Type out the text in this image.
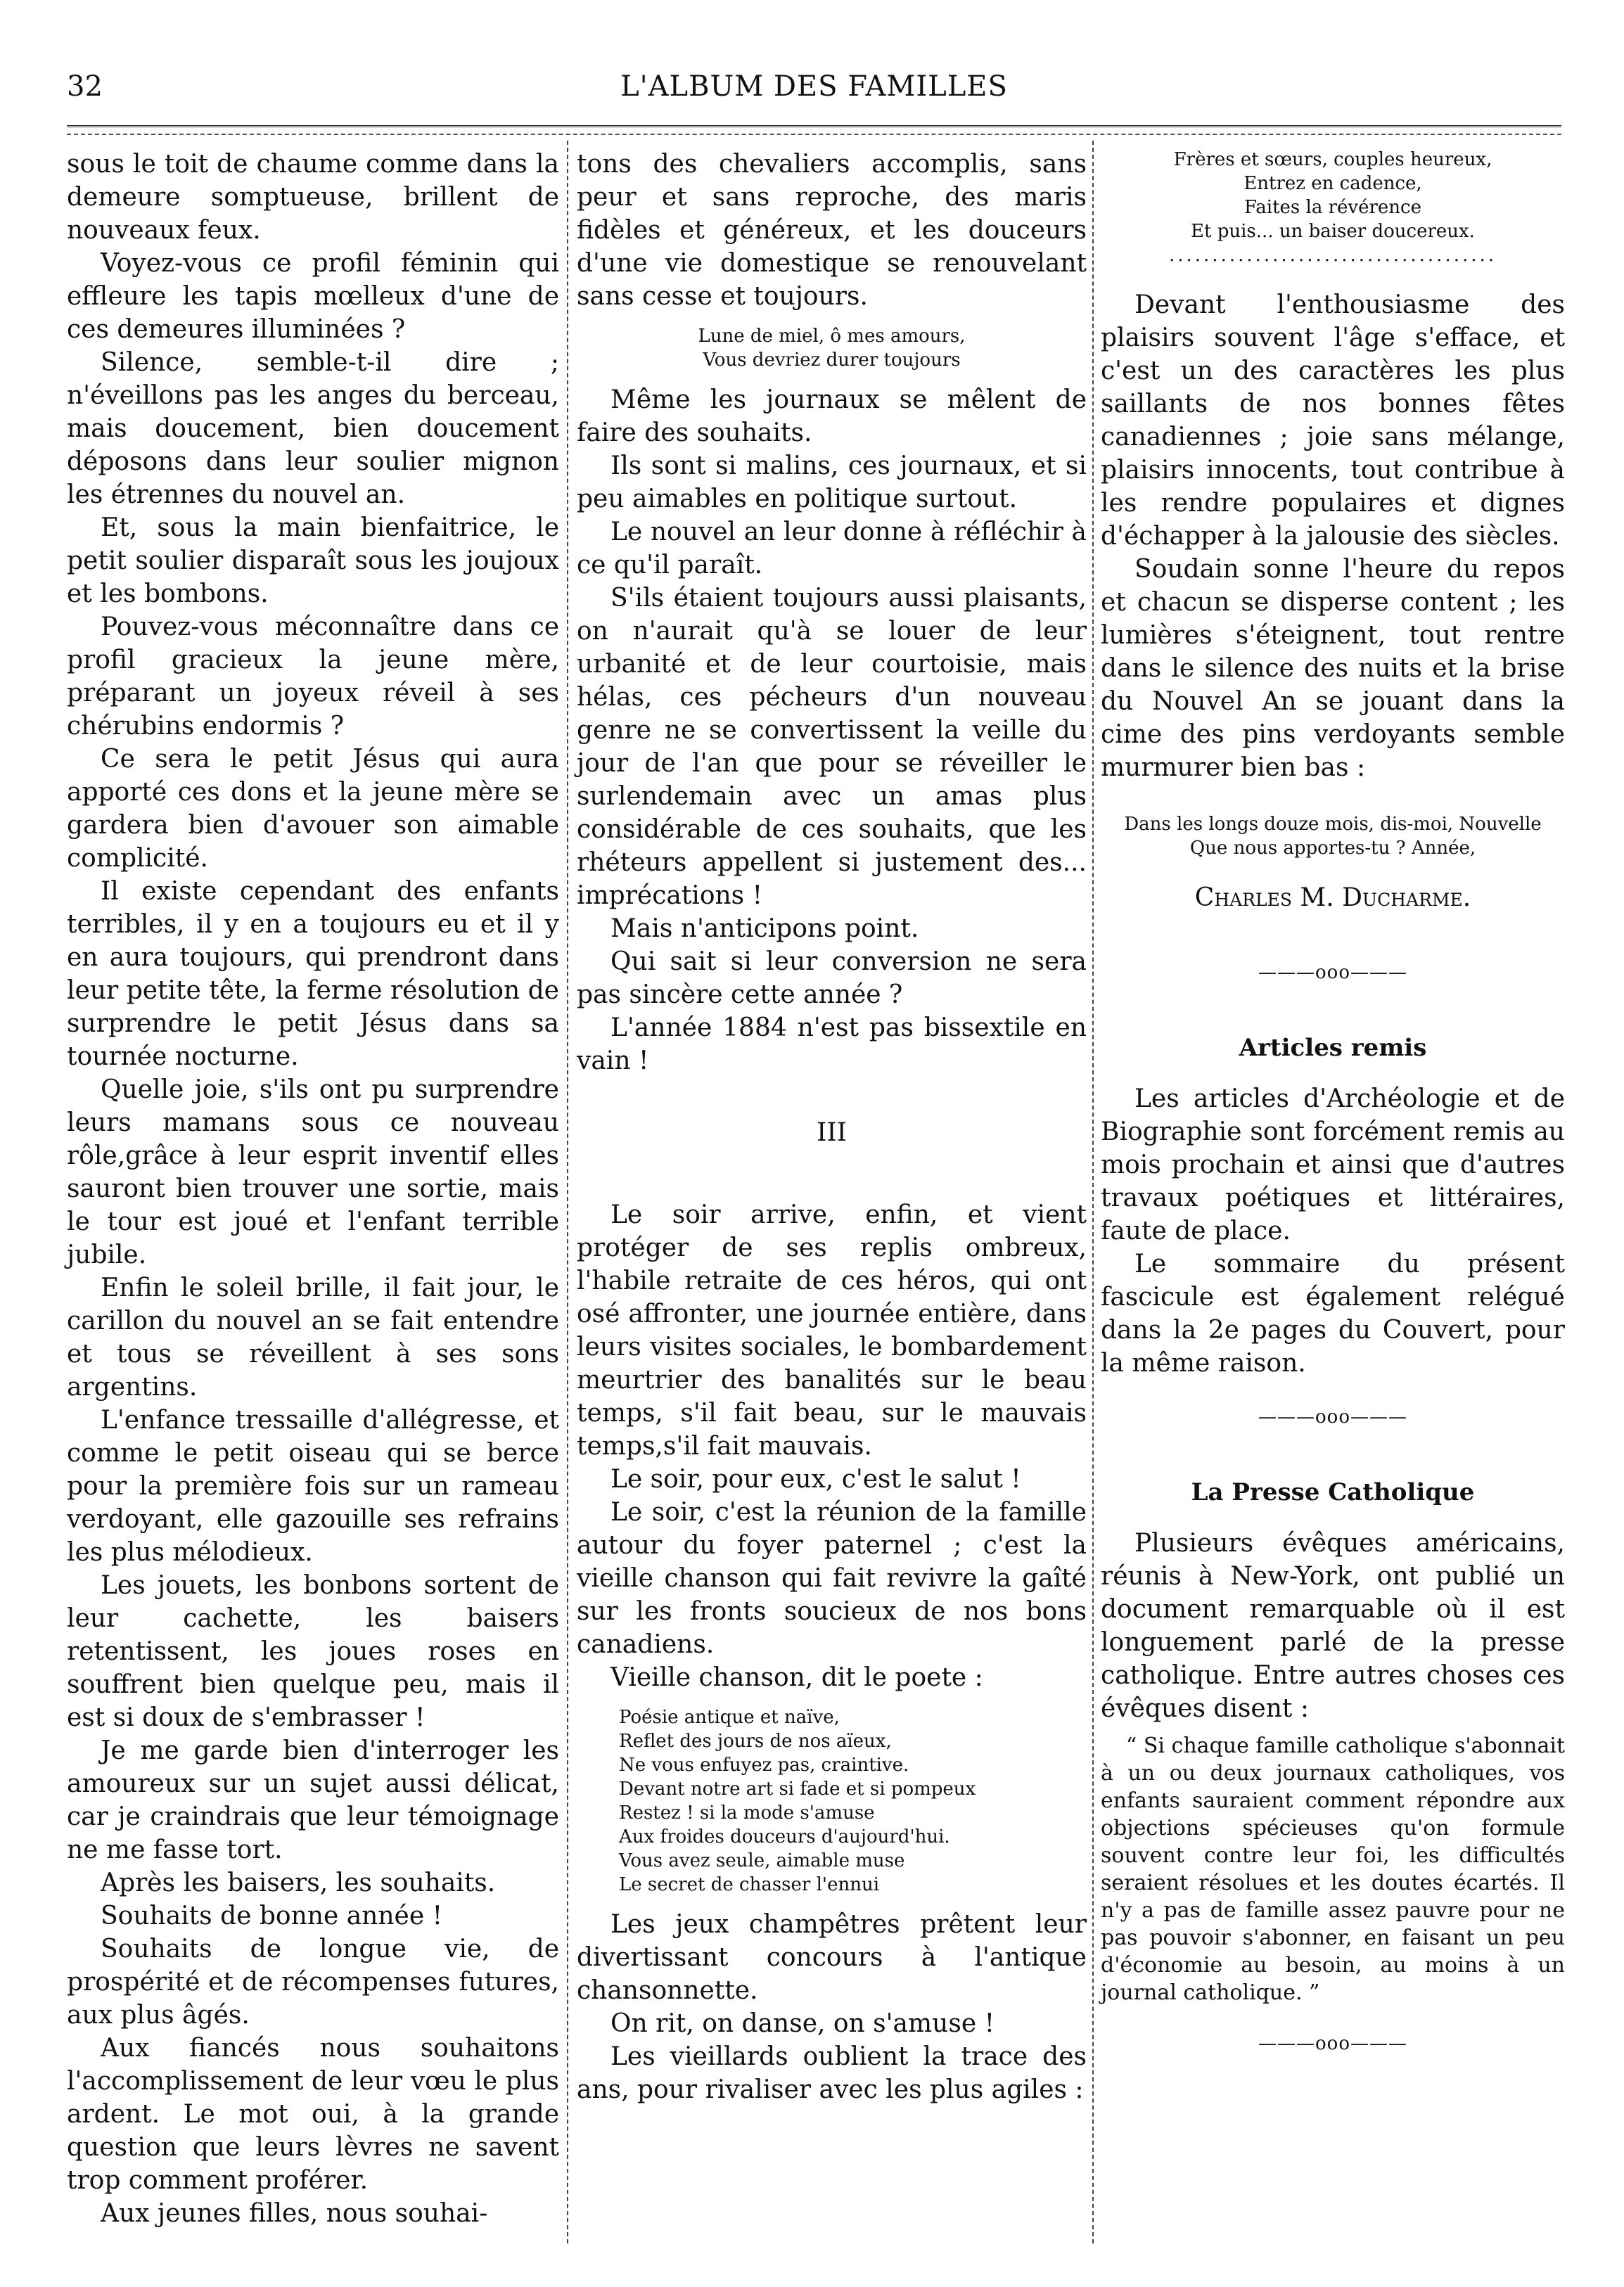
32	L'ALBUM DES FAMILLES

sous le toit de chaume comme dans la demeure somptueuse, brillent de nouveaux feux.

Voyez-vous ce profil féminin qui effleure les tapis mœlleux d'une de ces demeures illuminées ?

Silence, semble-t-il dire ; n'éveillons pas les anges du berceau, mais doucement, bien doucement déposons dans leur soulier mignon les étrennes du nouvel an.

Et, sous la main bienfaitrice, le petit soulier disparaît sous les joujoux et les bombons.

Pouvez-vous méconnaître dans ce profil gracieux la jeune mère, préparant un joyeux réveil à ses chérubins endormis ?

Ce sera le petit Jésus qui aura apporté ces dons et la jeune mère se gardera bien d'avouer son aimable complicité.

Il existe cependant des enfants terribles, il y en a toujours eu et il y en aura toujours, qui prendront dans leur petite tête, la ferme résolution de surprendre le petit Jésus dans sa tournée nocturne.

Quelle joie, s'ils ont pu surprendre leurs mamans sous ce nouveau rôle,grâce à leur esprit inventif elles sauront bien trouver une sortie, mais le tour est joué et l'enfant terrible jubile.

Enfin le soleil brille, il fait jour, le carillon du nouvel an se fait entendre et tous se réveillent à ses sons argentins.

L'enfance tressaille d'allégresse, et comme le petit oiseau qui se berce pour la première fois sur un rameau verdoyant, elle gazouille ses refrains les plus mélodieux.

Les jouets, les bonbons sortent de leur cachette, les baisers retentissent, les joues roses en souffrent bien quelque peu, mais il est si doux de s'embrasser !

Je me garde bien d'interroger les amoureux sur un sujet aussi délicat, car je craindrais que leur témoignage ne me fasse tort.

Après les baisers, les souhaits.

Souhaits de bonne année !

Souhaits de longue vie, de prospérité et de récompenses futures, aux plus âgés.

Aux fiancés nous souhaitons l'accomplissement de leur vœu le plus ardent. Le mot oui, à la grande question que leurs lèvres ne savent trop comment proférer.

Aux jeunes filles, nous souhai-

tons des chevaliers accomplis, sans peur et sans reproche, des maris fidèles et généreux, et les douceurs d'une vie domestique se renouvelant sans cesse et toujours.

Lune de miel, ô mes amours,
Vous devriez durer toujours

Même les journaux se mêlent de faire des souhaits.

Ils sont si malins, ces journaux, et si peu aimables en politique surtout.

Le nouvel an leur donne à réfléchir à ce qu'il paraît.

S'ils étaient toujours aussi plaisants, on n'aurait qu'à se louer de leur urbanité et de leur courtoisie, mais hélas, ces pécheurs d'un nouveau genre ne se convertissent la veille du jour de l'an que pour se réveiller le surlendemain avec un amas plus considérable de ces souhaits, que les rhéteurs appellent si justement des... imprécations !

Mais n'anticipons point.

Qui sait si leur conversion ne sera pas sincère cette année ?

L'année 1884 n'est pas bissextile en vain !

III

Le soir arrive, enfin, et vient protéger de ses replis ombreux, l'habile retraite de ces héros, qui ont osé affronter, une journée entière, dans leurs visites sociales, le bombardement meurtrier des banalités sur le beau temps, s'il fait beau, sur le mauvais temps,s'il fait mauvais.

Le soir, pour eux, c'est le salut !

Le soir, c'est la réunion de la famille autour du foyer paternel ; c'est la vieille chanson qui fait revivre la gaîté sur les fronts soucieux de nos bons canadiens.

Vieille chanson, dit le poete :

Poésie antique et naïve,
Reflet des jours de nos aïeux,
Ne vous enfuyez pas, craintive.
Devant notre art si fade et si pompeux
Restez ! si la mode s'amuse
Aux froides douceurs d'aujourd'hui.
Vous avez seule, aimable muse
Le secret de chasser l'ennui

Les jeux champêtres prêtent leur divertissant concours à l'antique chansonnette.

On rit, on danse, on s'amuse !

Les vieillards oublient la trace des ans, pour rivaliser avec les plus agiles :

Frères et sœurs, couples heureux,
Entrez en cadence,
Faites la révérence
Et puis... un baiser doucereux.
......................................

Devant l'enthousiasme des plaisirs souvent l'âge s'efface, et c'est un des caractères les plus saillants de nos bonnes fêtes canadiennes ; joie sans mélange, plaisirs innocents, tout contribue à les rendre populaires et dignes d'échapper à la jalousie des siècles.

Soudain sonne l'heure du repos et chacun se disperse content ; les lumières s'éteignent, tout rentre dans le silence des nuits et la brise du Nouvel An se jouant dans la cime des pins verdoyants semble murmurer bien bas :

Dans les longs douze mois, dis-moi, Nouvelle
Que nous apportes-tu ? Année,
Charles M. Ducharme.
———ooo———
Articles remis

Les articles d'Archéologie et de Biographie sont forcément remis au mois prochain et ainsi que d'autres travaux poétiques et littéraires, faute de place.

Le sommaire du présent fascicule est également relégué dans la 2e pages du Couvert, pour la même raison.

———ooo———
La Presse Catholique

Plusieurs évêques américains, réunis à New-York, ont publié un document remarquable où il est longuement parlé de la presse catholique. Entre autres choses ces évêques disent :

“ Si chaque famille catholique s'abonnait à un ou deux journaux catholiques, vos enfants sauraient comment répondre aux objections spécieuses qu'on formule souvent contre leur foi, les difficultés seraient résolues et les doutes écartés. Il n'y a pas de famille assez pauvre pour ne pas pouvoir s'abonner, en faisant un peu d'économie au besoin, au moins à un journal catholique. ”

———ooo———
